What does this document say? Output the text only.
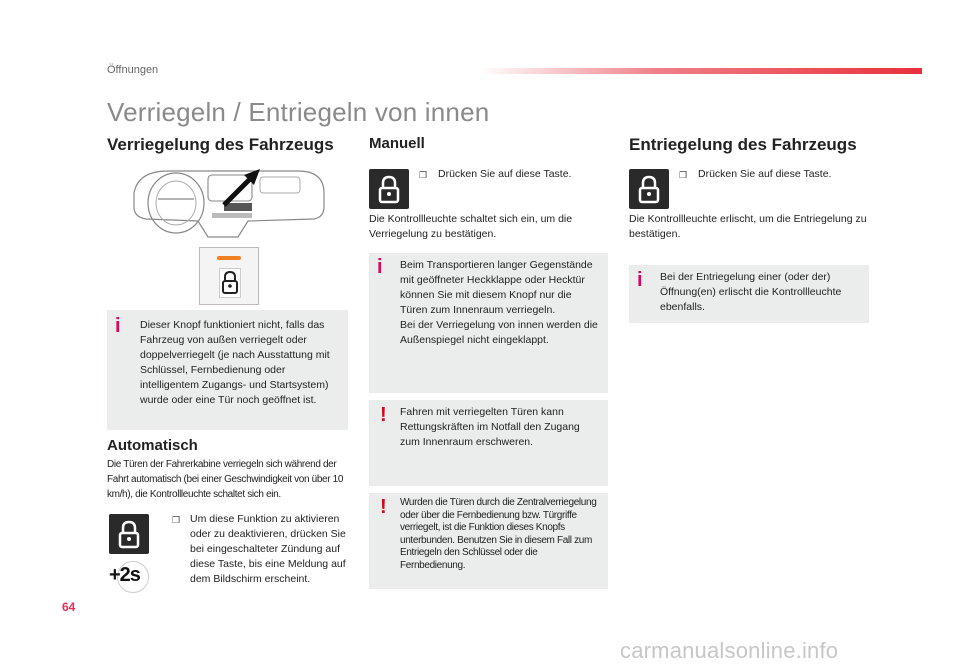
Öffnungen
Verriegeln / Entriegeln von innen
Verriegelung des Fahrzeugs
i Dieser Knopf funktioniert nicht, falls das Fahrzeug von außen verriegelt oder doppelverriegelt (je nach Ausstattung mit Schlüssel, Fernbedienung oder intelligentem Zugangs- und Startsystem) wurde oder eine Tür noch geöffnet ist.
Automatisch
Die Türen der Fahrerkabine verriegeln sich während der Fahrt automatisch (bei einer Geschwindigkeit von über 10 km/h), die Kontrollleuchte schaltet sich ein.
+2s
❒ Um diese Funktion zu aktivieren oder zu deaktivieren, drücken Sie bei eingeschalteter Zündung auf diese Taste, bis eine Meldung auf dem Bildschirm erscheint.
Manuell
❒ Drücken Sie auf diese Taste.
Die Kontrollleuchte schaltet sich ein, um die Verriegelung zu bestätigen.
i Beim Transportieren langer Gegenstände mit geöffneter Heckklappe oder Hecktür können Sie mit diesem Knopf nur die Türen zum Innenraum verriegeln.
Bei der Verriegelung von innen werden die Außenspiegel nicht eingeklappt.
! Fahren mit verriegelten Türen kann Rettungskräften im Notfall den Zugang zum Innenraum erschweren.
! Wurden die Türen durch die Zentralverriegelung oder über die Fernbedienung bzw. Türgriffe verriegelt, ist die Funktion dieses Knopfs unterbunden. Benutzen Sie in diesem Fall zum Entriegeln den Schlüssel oder die Fernbedienung.
Entriegelung des Fahrzeugs
❒ Drücken Sie auf diese Taste.
Die Kontrollleuchte erlischt, um die Entriegelung zu bestätigen.
i Bei der Entriegelung einer (oder der) Öffnung(en) erlischt die Kontrollleuchte ebenfalls.
64
carmanualsonline.info
